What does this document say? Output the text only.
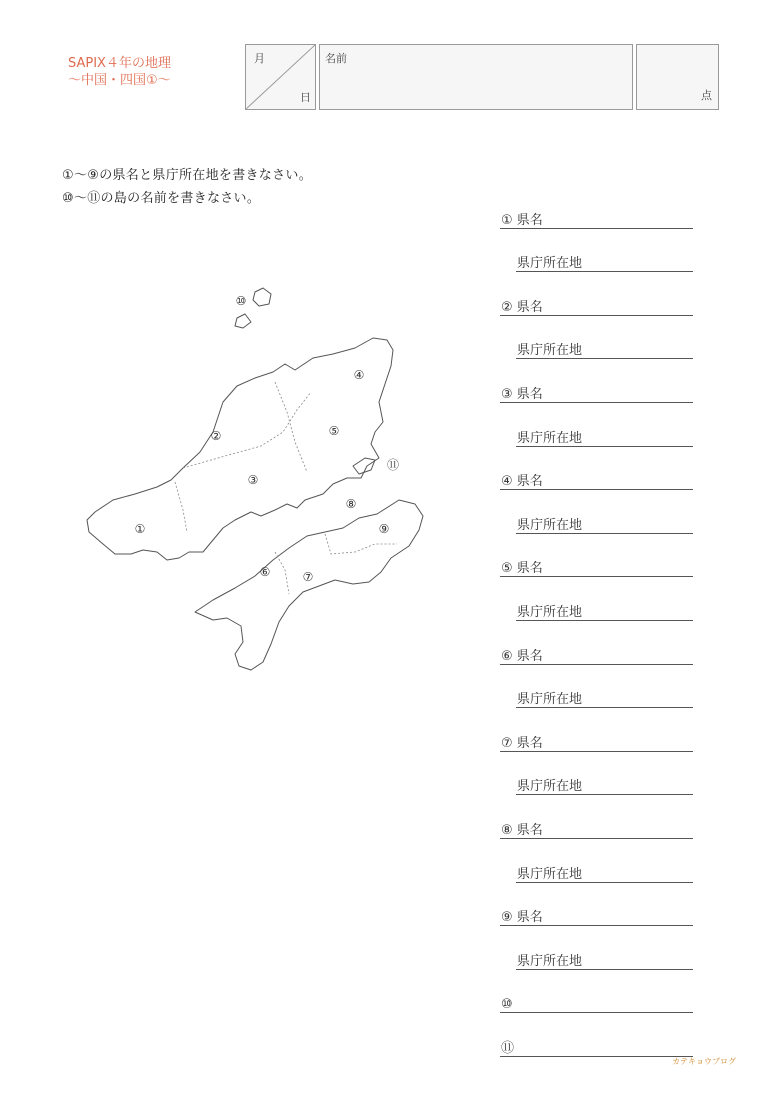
SAPIX４年の地理
〜中国・四国①〜
月
日
名前
点
①〜⑨の県名と県庁所在地を書きなさい。
⑩〜⑪の島の名前を書きなさい。
①
②
③
④
⑤
⑥	⑦
⑧
⑨
⑩
⑪
① 県名
県庁所在地
② 県名
県庁所在地
③ 県名
県庁所在地
④ 県名
県庁所在地
⑤ 県名
県庁所在地
⑥ 県名
県庁所在地
⑦ 県名
県庁所在地
⑧ 県名
県庁所在地
⑨ 県名
県庁所在地
⑩
⑪
カテキョウブログ
